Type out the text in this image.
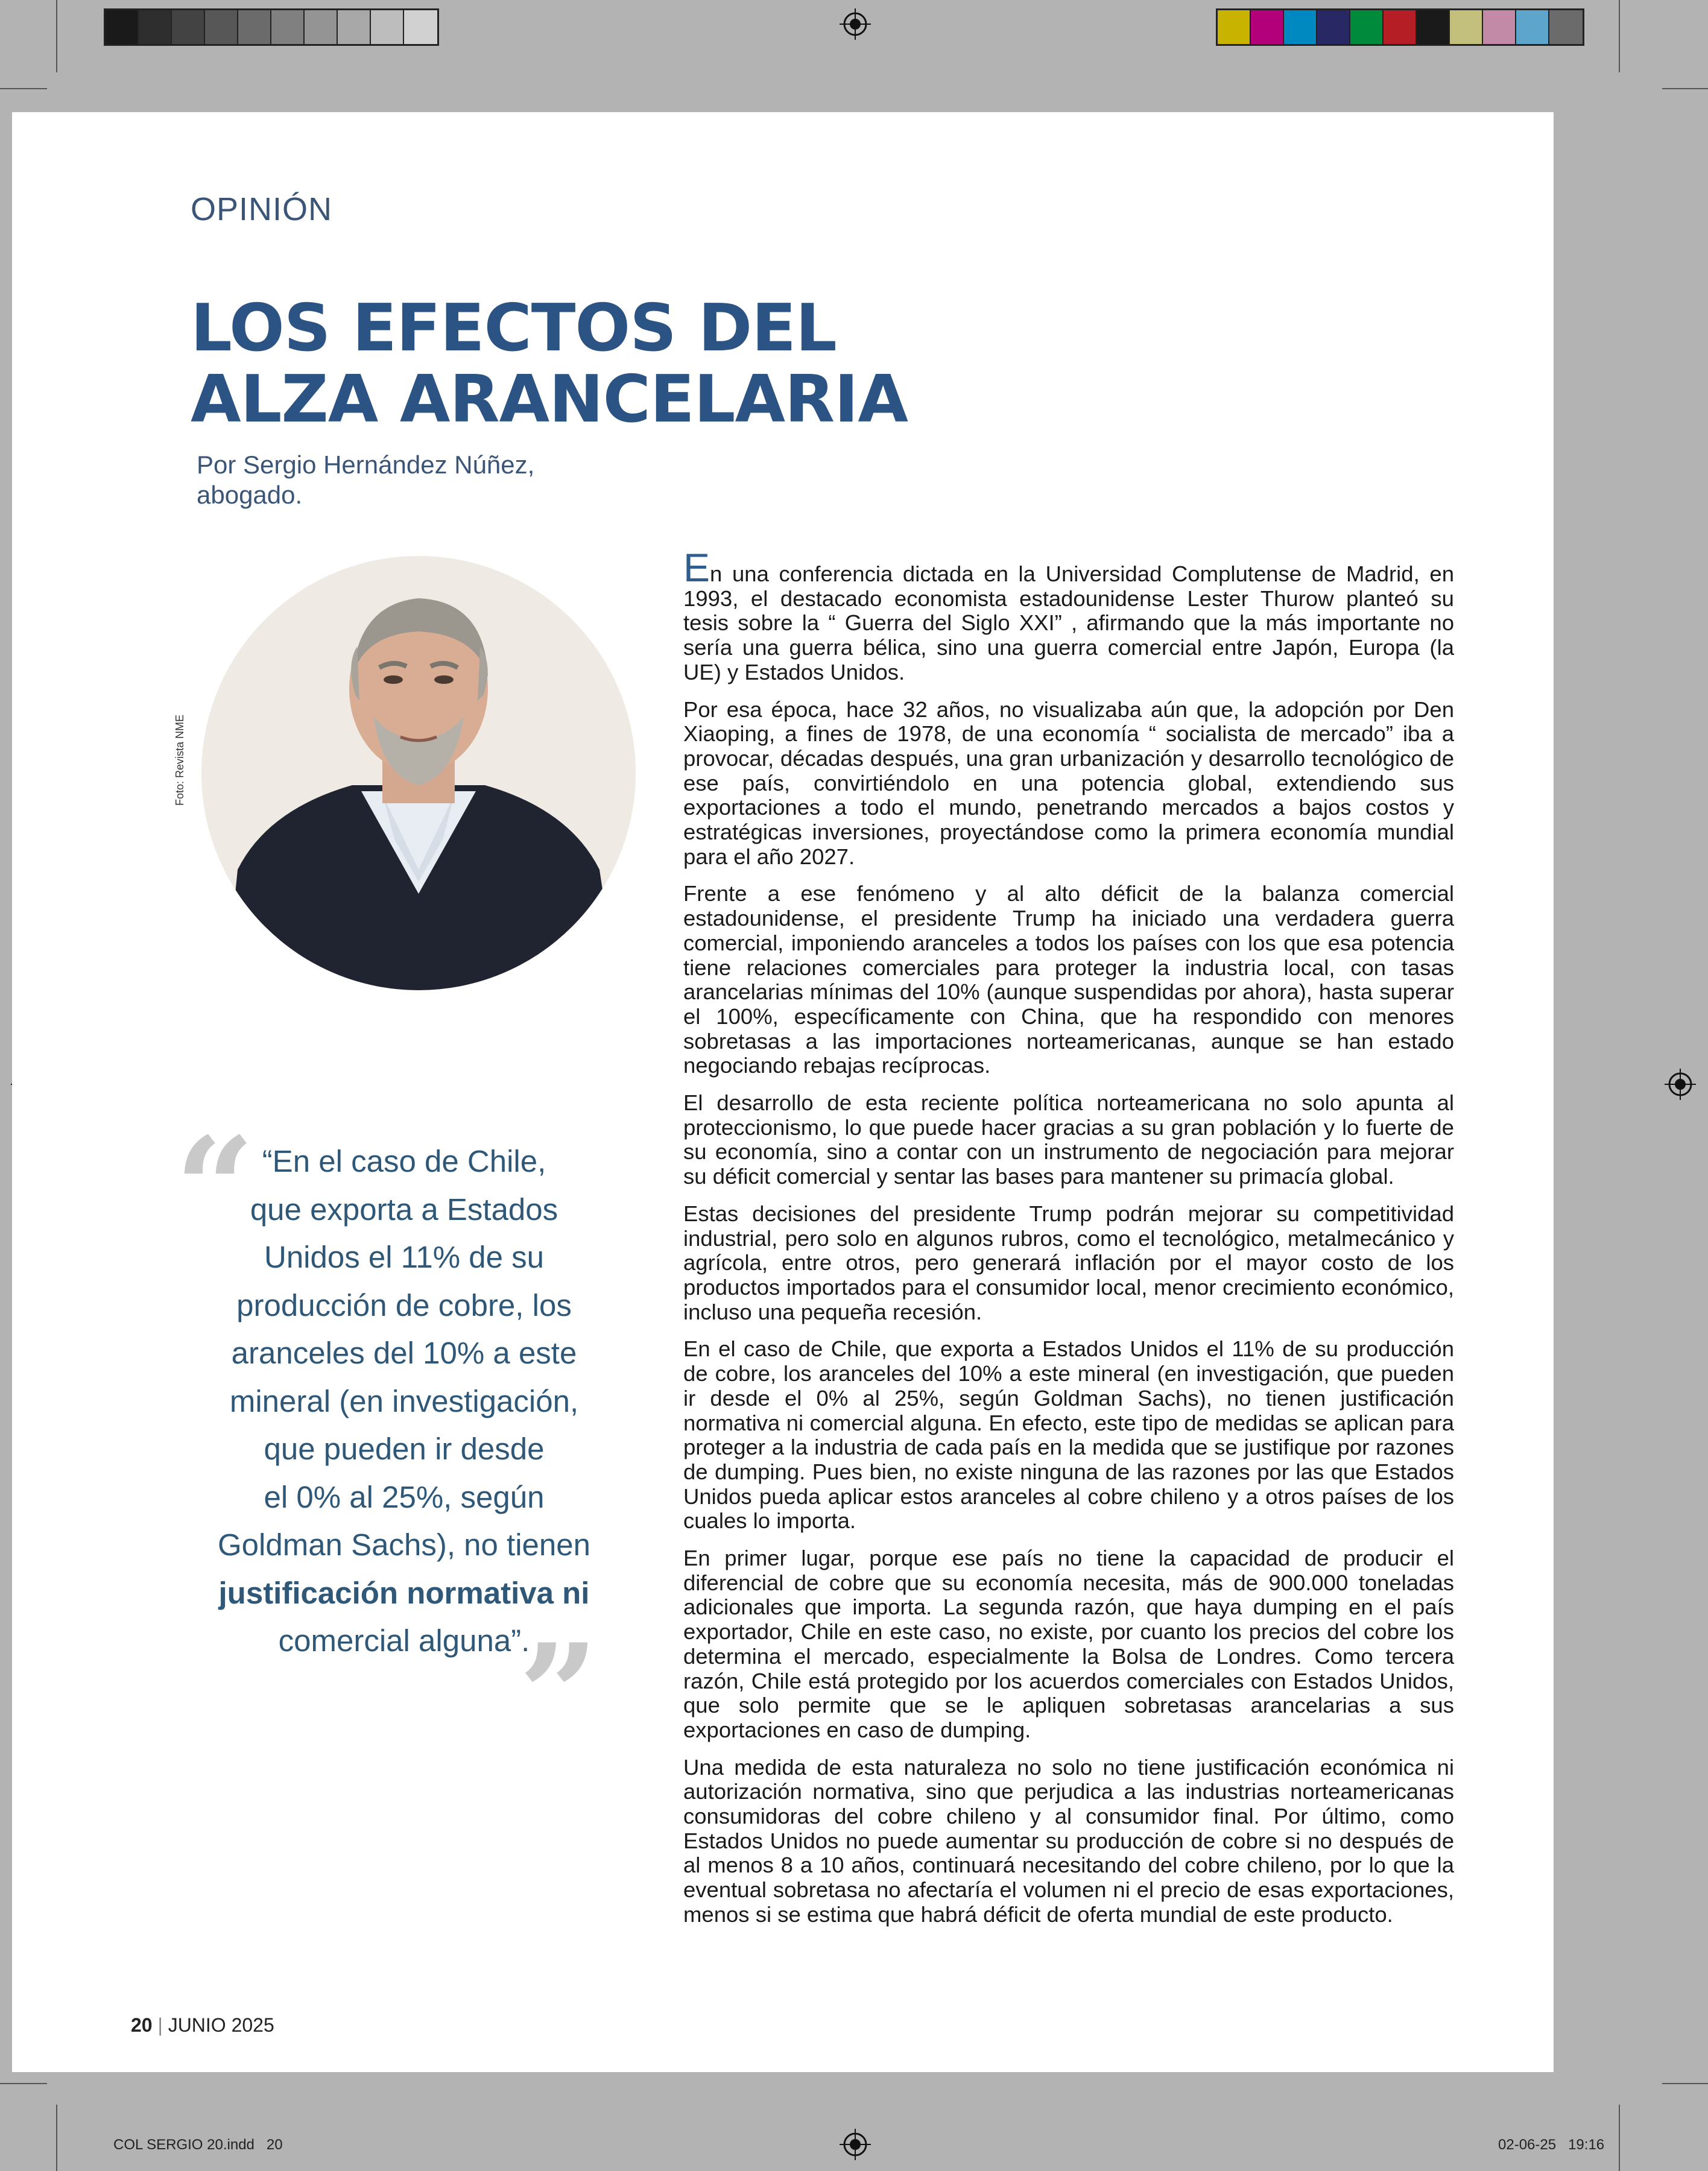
OPINIÓN
LOS EFECTOS DEL
ALZA ARANCELARIA
Por Sergio Hernández Núñez,
abogado.
Foto: Revista NME
“
”
“En el caso de Chile,
que exporta a Estados
Unidos el 11% de su
producción de cobre, los
aranceles del 10% a este
mineral (en investigación,
que pueden ir desde
el 0% al 25%, según
Goldman Sachs), no tienen
justificación normativa ni
comercial alguna”.

En una conferencia dictada en la Universidad Complutense de Madrid, en 1993, el destacado economista estadounidense Lester Thurow planteó su tesis sobre la “ Guerra del Siglo XXI” , afirmando que la más importante no sería una guerra bélica, sino una guerra comercial entre Japón, Europa (la UE) y Estados Unidos.

Por esa época, hace 32 años, no visualizaba aún que, la adopción por Den Xiaoping, a fines de 1978, de una economía “ socialista de mercado” iba a provocar, décadas después, una gran urbanización y desarrollo tecnológico de ese país, convirtiéndolo en una potencia global, extendiendo sus exportaciones a todo el mundo, penetrando mercados a bajos costos y estratégicas inversiones, proyectándose como la primera economía mundial para el año 2027.

Frente a ese fenómeno y al alto déficit de la balanza comercial estadounidense, el presidente Trump ha iniciado una verdadera guerra comercial, imponiendo aranceles a todos los países con los que esa potencia tiene relaciones comerciales para proteger la industria local, con tasas arancelarias mínimas del 10% (aunque suspendidas por ahora), hasta superar el 100%, específicamente con China, que ha respondido con menores sobretasas a las importaciones norteamericanas, aunque se han estado negociando rebajas recíprocas.

El desarrollo de esta reciente política norteamericana no solo apunta al proteccionismo, lo que puede hacer gracias a su gran población y lo fuerte de su economía, sino a contar con un instrumento de negociación para mejorar su déficit comercial y sentar las bases para mantener su primacía global.

Estas decisiones del presidente Trump podrán mejorar su competitividad industrial, pero solo en algunos rubros, como el tecnológico, metalmecánico y agrícola, entre otros, pero generará inflación por el mayor costo de los productos importados para el consumidor local, menor crecimiento económico, incluso una pequeña recesión.

En el caso de Chile, que exporta a Estados Unidos el 11% de su producción de cobre, los aranceles del 10% a este mineral (en investigación, que pueden ir desde el 0% al 25%, según Goldman Sachs), no tienen justificación normativa ni comercial alguna. En efecto, este tipo de medidas se aplican para proteger a la industria de cada país en la medida que se justifique por razones de dumping. Pues bien, no existe ninguna de las razones por las que Estados Unidos pueda aplicar estos aranceles al cobre chileno y a otros países de los cuales lo importa.

En primer lugar, porque ese país no tiene la capacidad de producir el diferencial de cobre que su economía necesita, más de 900.000 toneladas adicionales que importa. La segunda razón, que haya dumping en el país exportador, Chile en este caso, no existe, por cuanto los precios del cobre los determina el mercado, especialmente la Bolsa de Londres. Como tercera razón, Chile está protegido por los acuerdos comerciales con Estados Unidos, que solo permite que se le apliquen sobretasas arancelarias a sus exportaciones en caso de dumping.

Una medida de esta naturaleza no solo no tiene justificación económica ni autorización normativa, sino que perjudica a las industrias norteamericanas consumidoras del cobre chileno y al consumidor final. Por último, como Estados Unidos no puede aumentar su producción de cobre si no después de al menos 8 a 10 años, continuará necesitando del cobre chileno, por lo que la eventual sobretasa no afectaría el volumen ni el precio de esas exportaciones, menos si se estima que habrá déficit de oferta mundial de este producto.

20 | JUNIO 2025
COL SERGIO 20.indd   20	02-06-25   19:16
